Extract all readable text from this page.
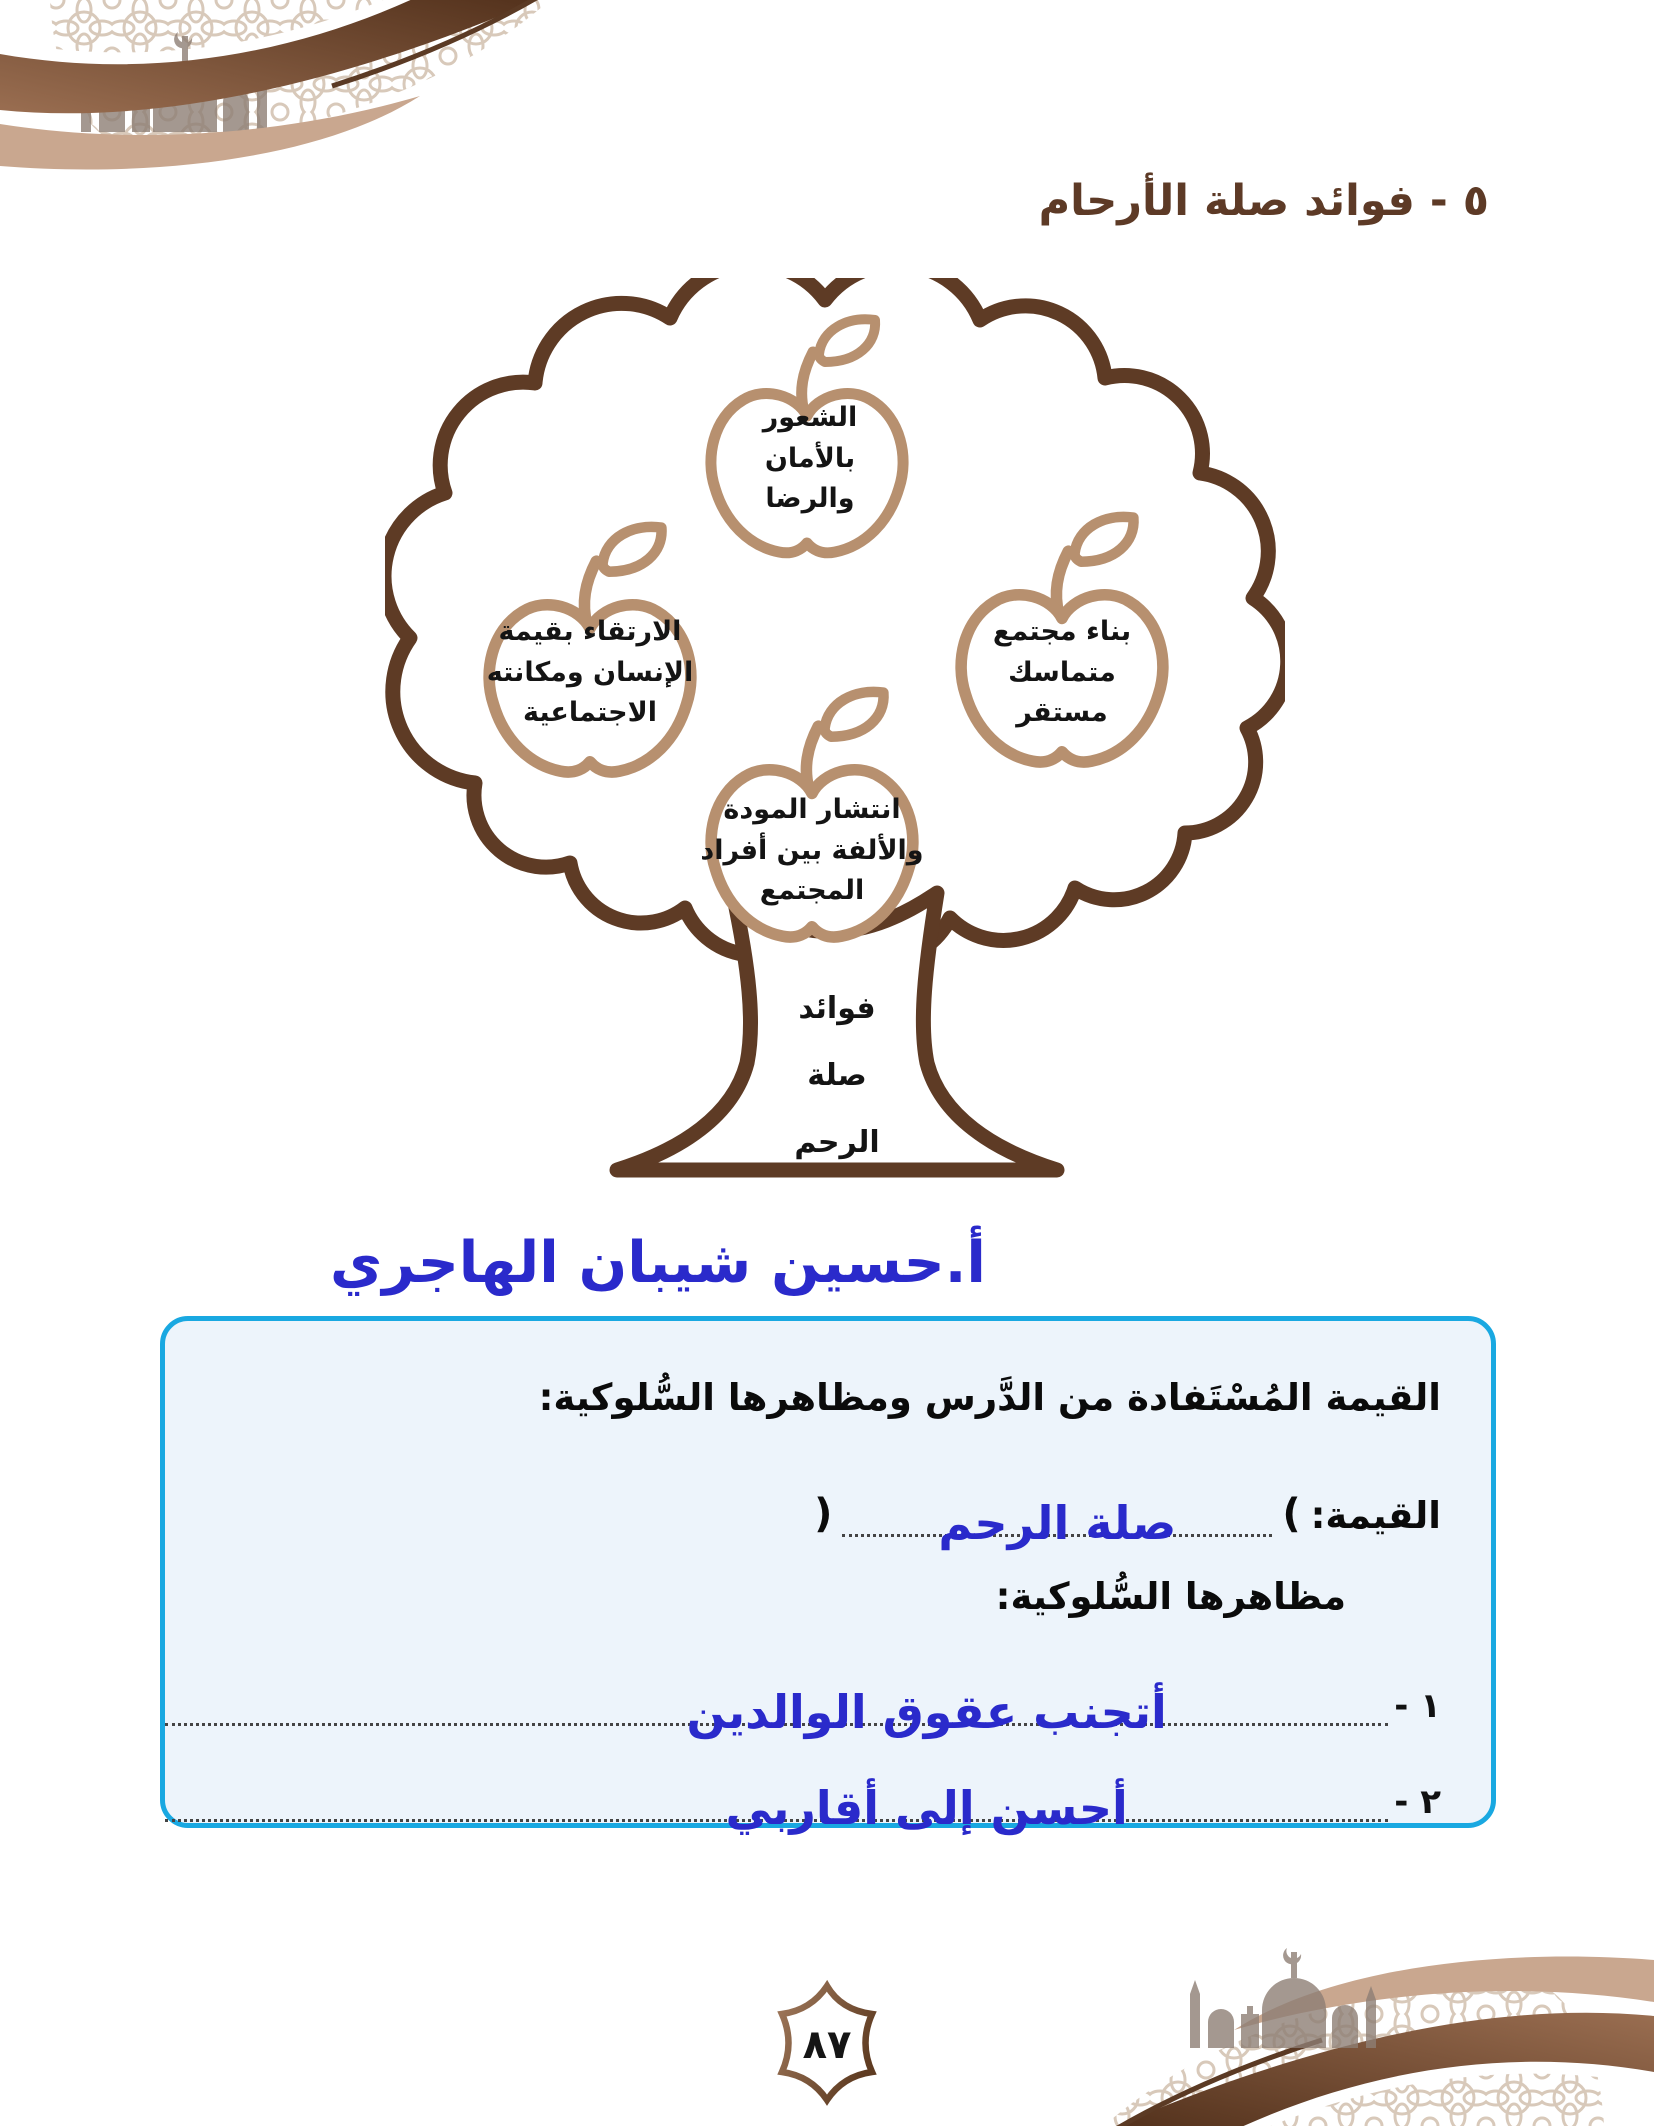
٥ - فوائد صلة الأرحام
الشعور بالأمان والرضا
الارتقاء بقيمة الإنسان ومكانته الاجتماعية
بناء مجتمع متماسك مستقر
انتشار المودة والألفة بين أفراد المجتمع
فوائد
صلة
الرحم
أ.حسين شيبان الهاجري
القيمة المُسْتَفادة من الدَّرس ومظاهرها السُّلوكية:
القيمة:
(
صلة الرحم
)
مظاهرها السُّلوكية:
١ -
أتجنب عقوق الوالدين
٢ -
أحسن إلى أقاربي
٨٧
